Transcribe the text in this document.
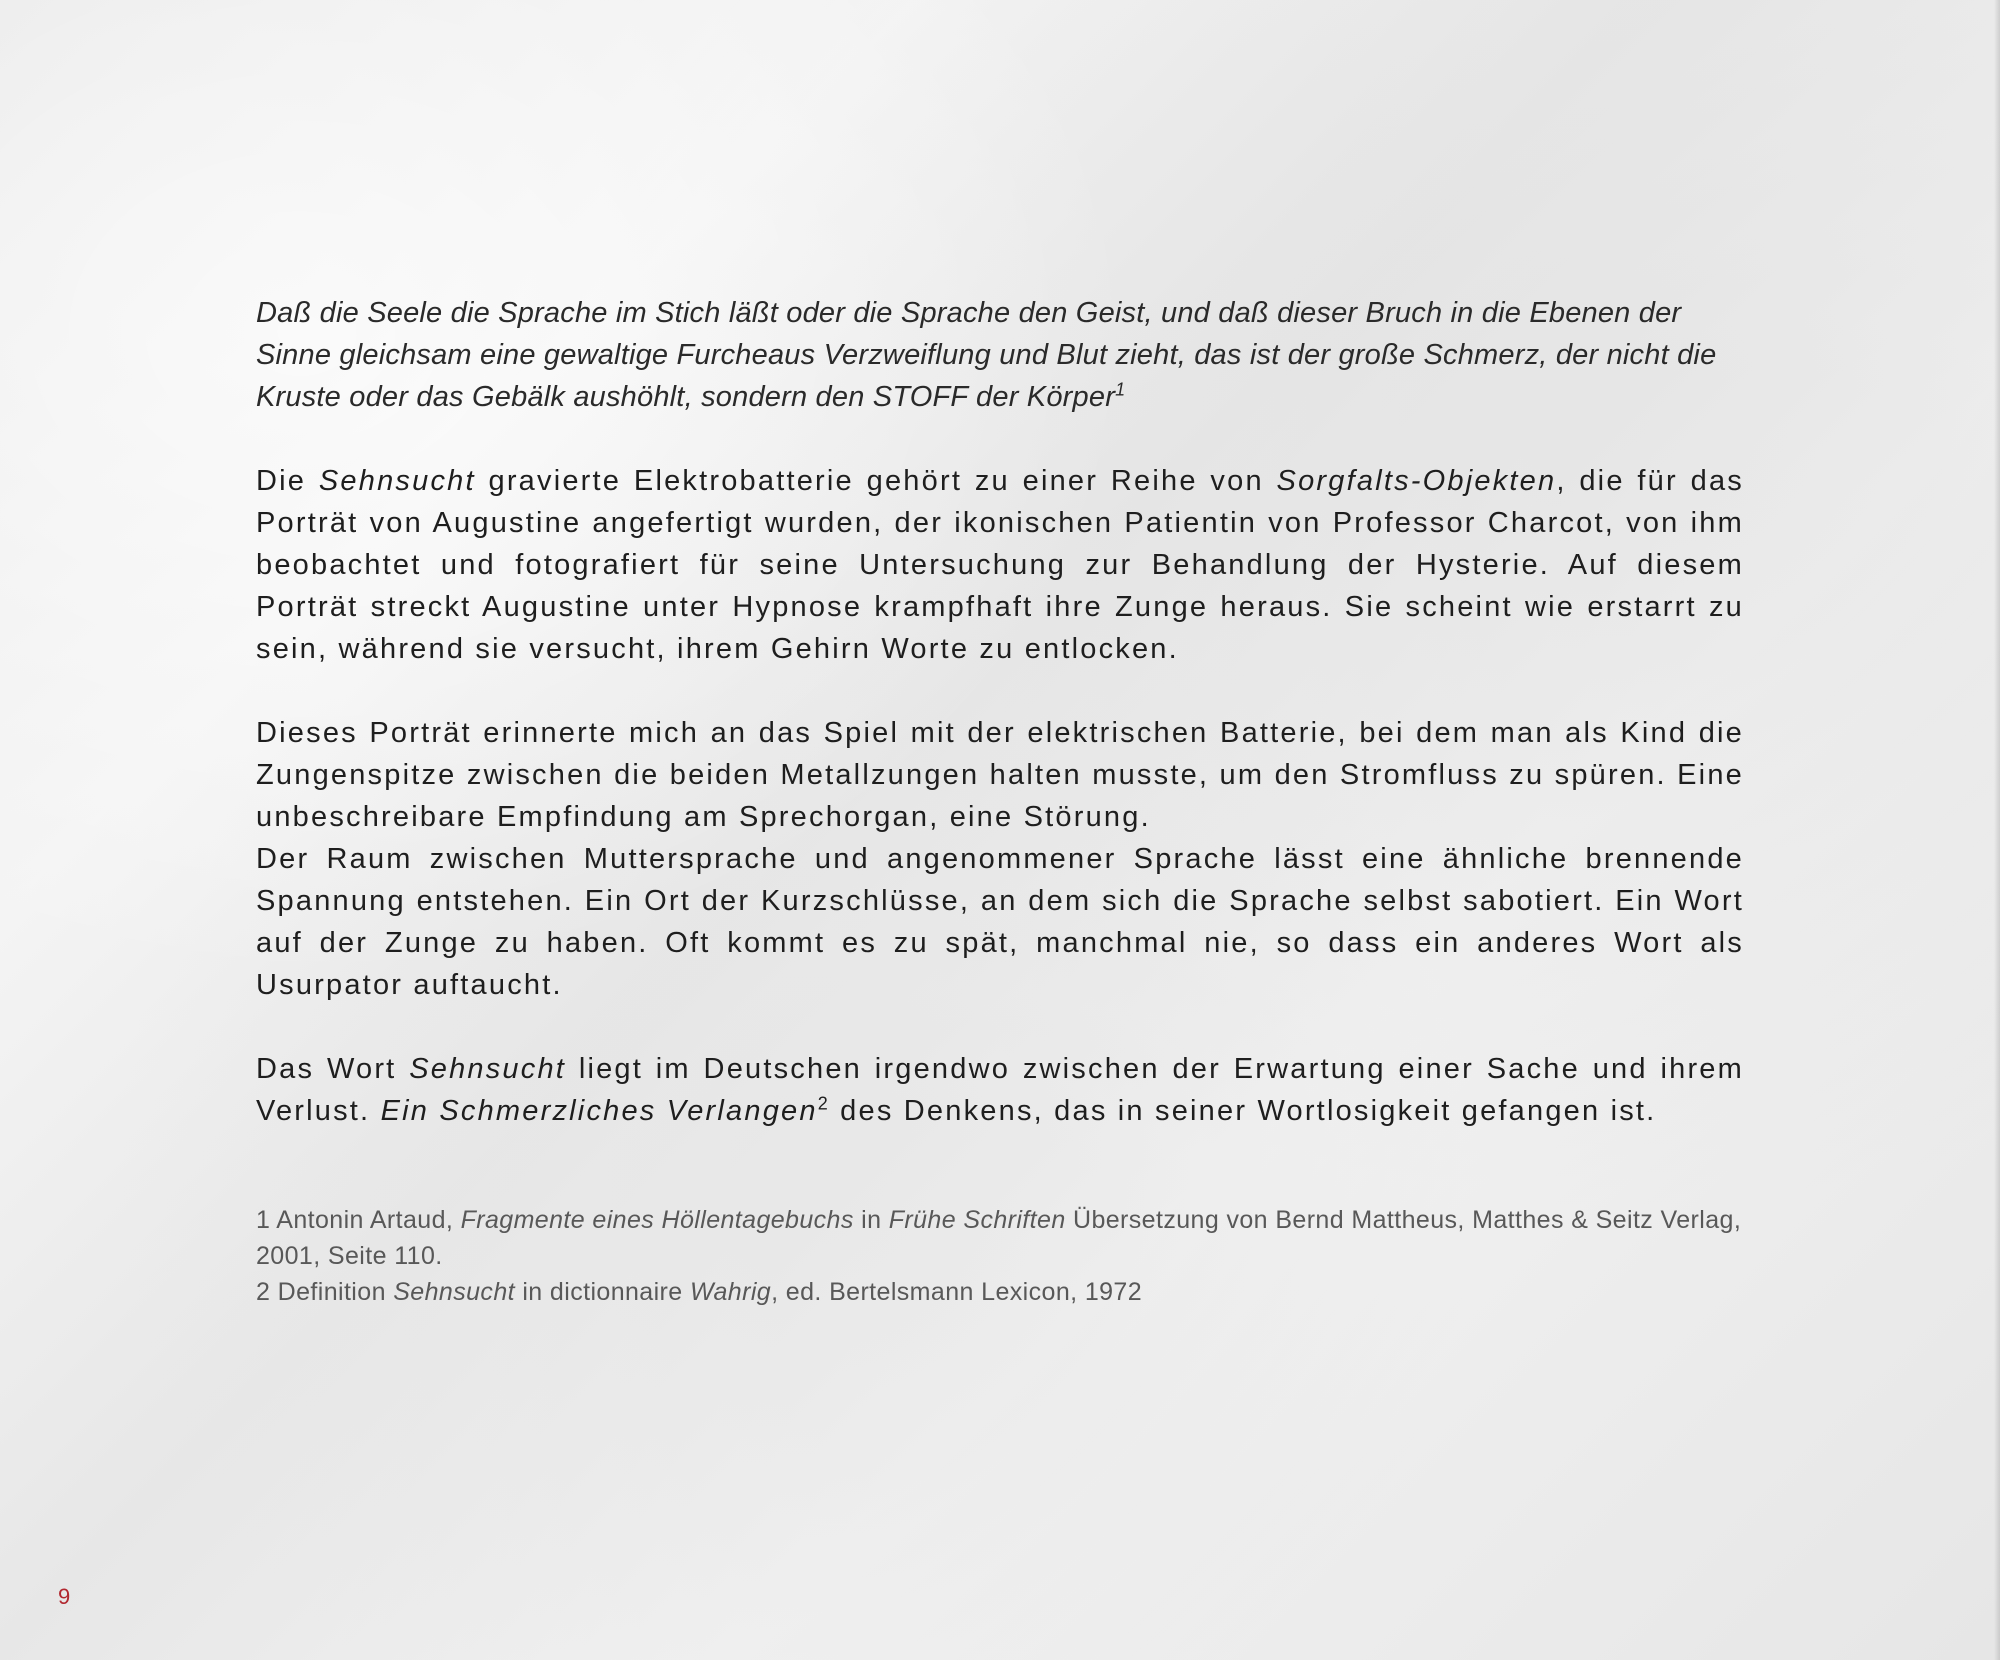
Daß die Seele die Sprache im Stich läßt oder die Sprache den Geist, und daß dieser Bruch in die Ebenen der Sinne gleichsam eine gewaltige Furcheaus Verzweiflung und Blut zieht, das ist der große Schmerz, der nicht die Kruste oder das Gebälk aushöhlt, sondern den STOFF der Körper$^1$

Die Sehnsucht gravierte Elektrobatterie gehört zu einer Reihe von Sorgfalts-Objekten, die für das Porträt von Augustine angefertigt wurden, der ikonischen Patientin von Professor Charcot, von ihm beobachtet und fotografiert für seine Untersuchung zur Behandlung der Hysterie. Auf diesem Porträt streckt Augustine unter Hypnose krampfhaft ihre Zunge heraus. Sie scheint wie erstarrt zu sein, während sie versucht, ihrem Gehirn Worte zu entlocken.

Dieses Porträt erinnerte mich an das Spiel mit der elektrischen Batterie, bei dem man als Kind die Zungenspitze zwischen die beiden Metallzungen halten musste, um den Stromfluss zu spüren. Eine unbeschreibare Empfindung am Sprechorgan, eine Störung.
Der Raum zwischen Muttersprache und angenommener Sprache lässt eine ähnliche brennende Spannung entstehen. Ein Ort der Kurzschlüsse, an dem sich die Sprache selbst sabotiert. Ein Wort auf der Zunge zu haben. Oft kommt es zu spät, manchmal nie, so dass ein anderes Wort als Usurpator auftaucht.

Das Wort Sehnsucht liegt im Deutschen irgendwo zwischen der Erwartung einer Sache und ihrem Verlust. Ein Schmerzliches Verlangen$^2$ des Denkens, das in seiner Wortlosigkeit gefangen ist.

1 Antonin Artaud, Fragmente eines Höllentagebuchs in Frühe Schriften Übersetzung von Bernd Mattheus, Matthes & Seitz Verlag, 2001, Seite 110.

2 Definition Sehnsucht in dictionnaire Wahrig, ed. Bertelsmann Lexicon, 1972

9
